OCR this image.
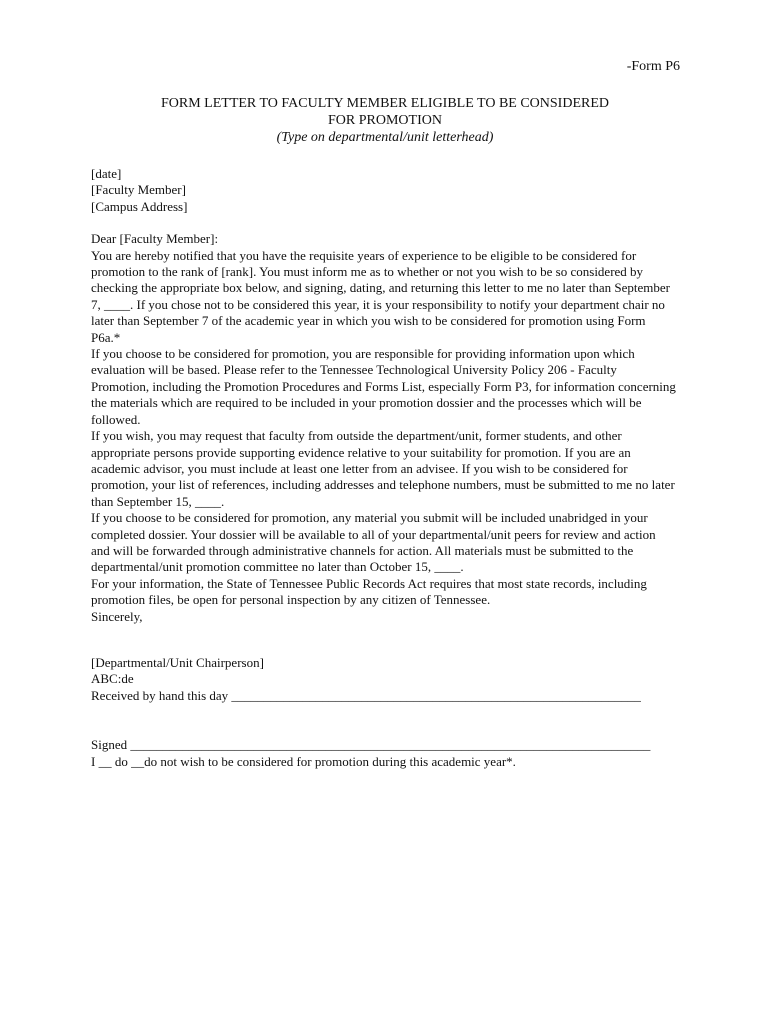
-Form P6
FORM LETTER TO FACULTY MEMBER ELIGIBLE TO BE CONSIDERED
FOR PROMOTION
(Type on departmental/unit letterhead)

[date]

[Faculty Member]

[Campus Address]

Dear [Faculty Member]:

You are hereby notified that you have the requisite years of experience to be eligible to be considered for promotion to the rank of [rank]. You must inform me as to whether or not you wish to be so considered by checking the appropriate box below, and signing, dating, and returning this letter to me no later than September 7, ____. If you chose not to be considered this year, it is your responsibility to notify your department chair no later than September 7 of the academic year in which you wish to be considered for promotion using Form P6a.*

If you choose to be considered for promotion, you are responsible for providing information upon which evaluation will be based. Please refer to the Tennessee Technological University Policy 206 - Faculty Promotion, including the Promotion Procedures and Forms List, especially Form P3, for information concerning the materials which are required to be included in your promotion dossier and the processes which will be followed.

If you wish, you may request that faculty from outside the department/unit, former students, and other appropriate persons provide supporting evidence relative to your suitability for promotion. If you are an academic advisor, you must include at least one letter from an advisee. If you wish to be considered for promotion, your list of references, including addresses and telephone numbers, must be submitted to me no later than September 15, ____.

If you choose to be considered for promotion, any material you submit will be included unabridged in your completed dossier. Your dossier will be available to all of your departmental/unit peers for review and action and will be forwarded through administrative channels for action. All materials must be submitted to the departmental/unit promotion committee no later than October 15, ____.

For your information, the State of Tennessee Public Records Act requires that most state records, including promotion files, be open for personal inspection by any citizen of Tennessee.

Sincerely,

[Departmental/Unit Chairperson]

ABC:de

Received by hand this day _______________________________________________________________

Signed ________________________________________________________________________________

I __ do __do not wish to be considered for promotion during this academic year*.
